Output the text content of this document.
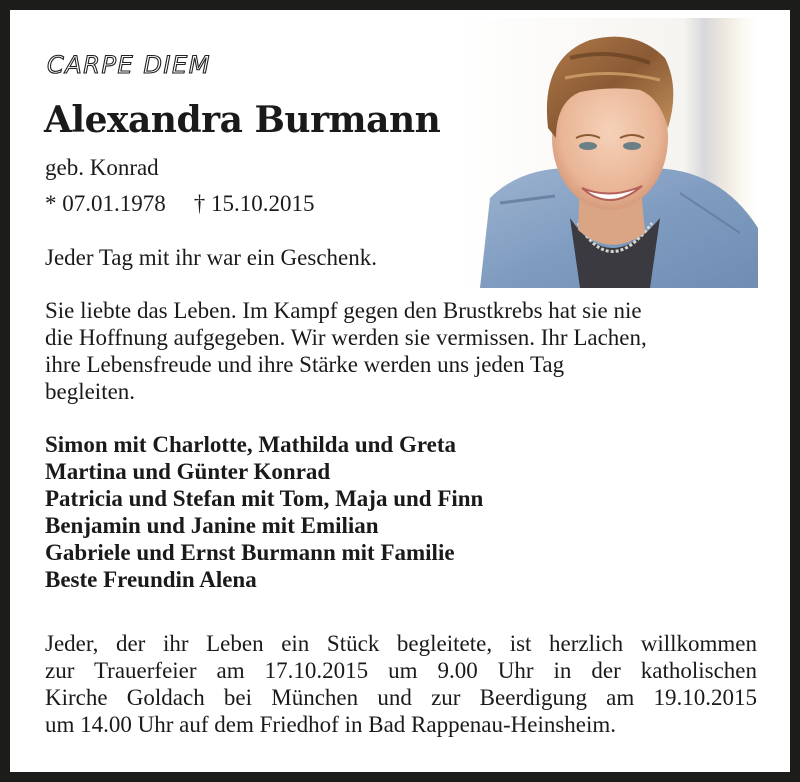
CARPE DIEM
Alexandra Burmann
geb. Konrad
* 07.01.1978 † 15.10.2015
Jeder Tag mit ihr war ein Geschenk.
Sie liebte das Leben. Im Kampf gegen den Brustkrebs hat sie nie
die Hoffnung aufgegeben. Wir werden sie vermissen. Ihr Lachen,
ihre Lebensfreude und ihre Stärke werden uns jeden Tag
begleiten.
Simon mit Charlotte, Mathilda und Greta
Martina und Günter Konrad
Patricia und Stefan mit Tom, Maja und Finn
Benjamin und Janine mit Emilian
Gabriele und Ernst Burmann mit Familie
Beste Freundin Alena
Jeder, der ihr Leben ein Stück begleitete, ist herzlich willkommen
zur Trauerfeier am 17.10.2015 um 9.00 Uhr in der katholischen
Kirche Goldach bei München und zur Beerdigung am 19.10.2015
um 14.00 Uhr auf dem Friedhof in Bad Rappenau-Heinsheim.
